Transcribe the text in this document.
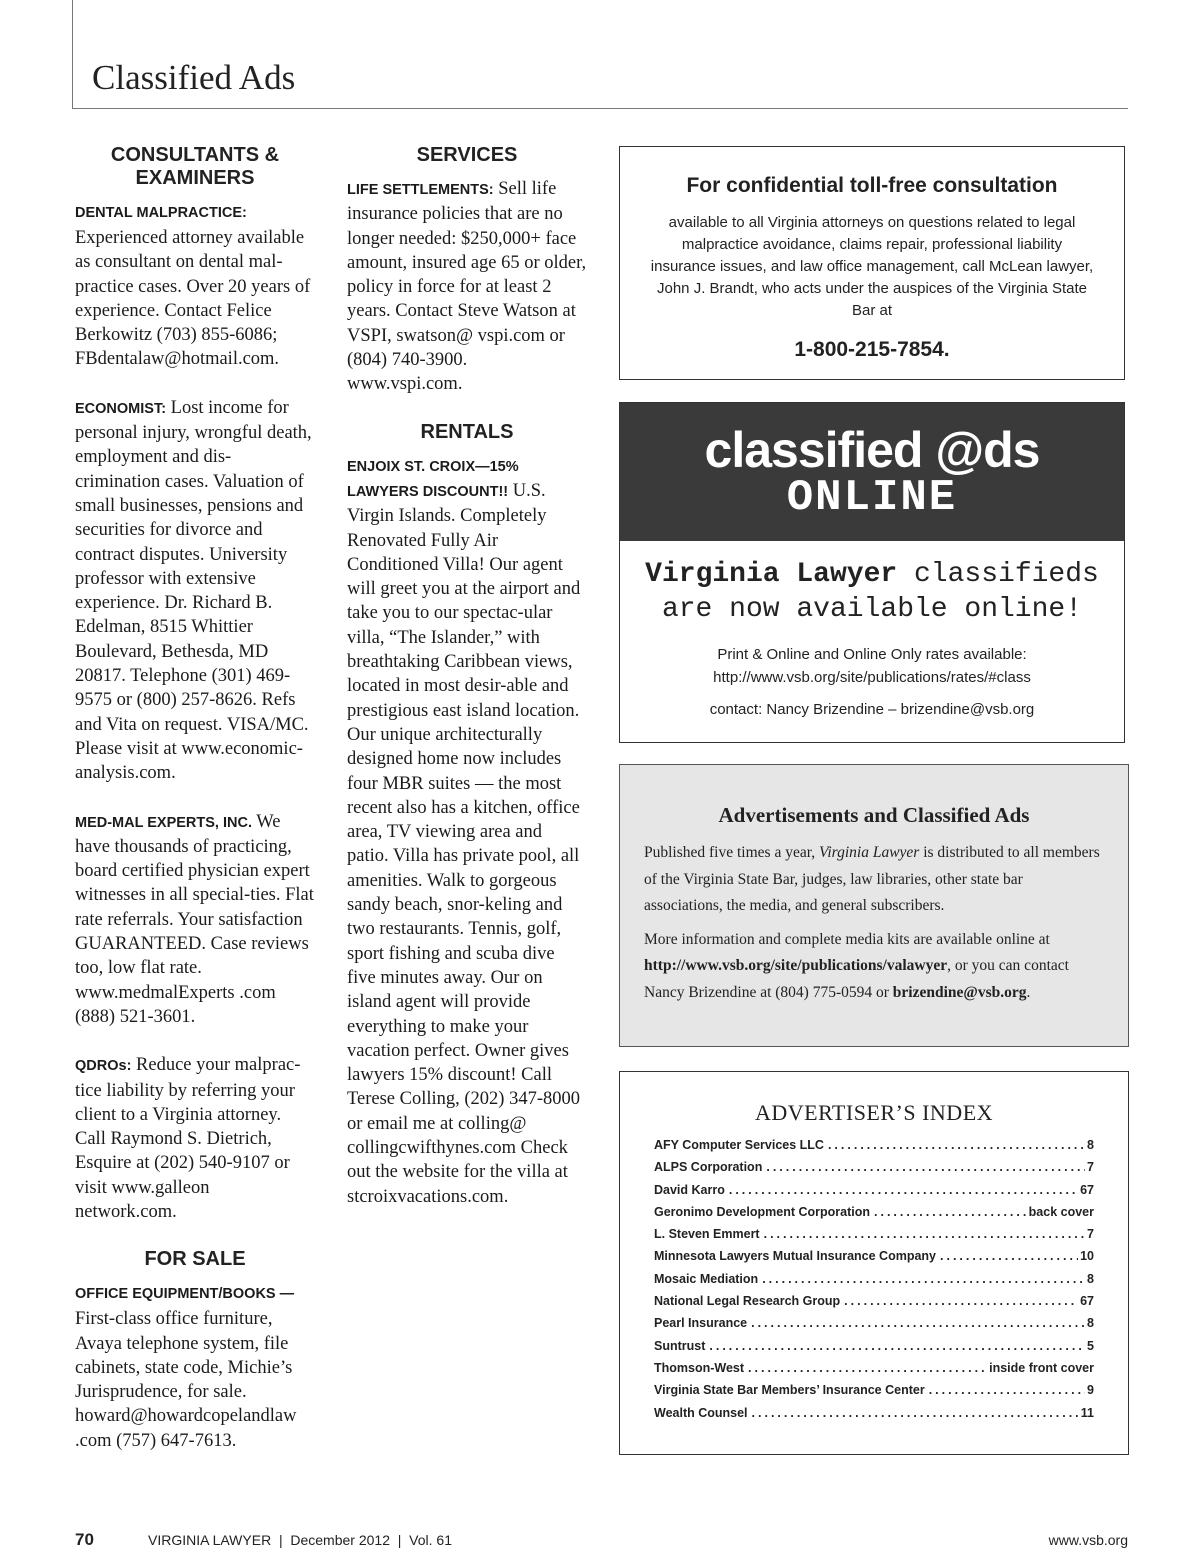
Classified Ads
CONSULTANTS & EXAMINERS
DENTAL MALPRACTICE:
Experienced attorney available as consultant on dental mal-practice cases. Over 20 years of experience. Contact Felice Berkowitz (703) 855-6086; FBdentalaw@hotmail.com.
ECONOMIST: Lost income for personal injury, wrongful death, employment and dis-crimination cases. Valuation of small businesses, pensions and securities for divorce and contract disputes. University professor with extensive experience. Dr. Richard B. Edelman, 8515 Whittier Boulevard, Bethesda, MD 20817. Telephone (301) 469-9575 or (800) 257-8626. Refs and Vita on request. VISA/MC. Please visit at www.economic-analysis.com.
MED-MAL EXPERTS, INC. We have thousands of practicing, board certified physician expert witnesses in all special-ties. Flat rate referrals. Your satisfaction GUARANTEED. Case reviews too, low flat rate. www.medmalExperts .com (888) 521-3601.
QDROs: Reduce your malprac-tice liability by referring your client to a Virginia attorney. Call Raymond S. Dietrich, Esquire at (202) 540-9107 or visit www.galleon network.com.
FOR SALE
OFFICE EQUIPMENT/BOOKS —
First-class office furniture, Avaya telephone system, file cabinets, state code, Michie’s Jurisprudence, for sale. howard@howardcopelandlaw .com (757) 647-7613.
SERVICES
LIFE SETTLEMENTS: Sell life insurance policies that are no longer needed: $250,000+ face amount, insured age 65 or older, policy in force for at least 2 years. Contact Steve Watson at VSPI, swatson@ vspi.com or (804) 740-3900. www.vspi.com.
RENTALS
ENJOIX ST. CROIX—15% LAWYERS DISCOUNT!! U.S. Virgin Islands. Completely Renovated Fully Air Conditioned Villa! Our agent will greet you at the airport and take you to our spectac-ular villa, “The Islander,” with breathtaking Caribbean views, located in most desir-able and prestigious east island location. Our unique architecturally designed home now includes four MBR suites — the most recent also has a kitchen, office area, TV viewing area and patio. Villa has private pool, all amenities. Walk to gorgeous sandy beach, snor-keling and two restaurants. Tennis, golf, sport fishing and scuba dive five minutes away. Our on island agent will provide everything to make your vacation perfect. Owner gives lawyers 15% discount! Call Terese Colling, (202) 347-8000 or email me at colling@ collingcwifthynes.com Check out the website for the villa at stcroixvacations.com.
For confidential toll-free consultation
available to all Virginia attorneys on questions related to legal malpractice avoidance, claims repair, professional liability insurance issues, and law office management, call McLean lawyer, John J. Brandt, who acts under the auspices of the Virginia State Bar at
1-800-215-7854.
classified @ds
ONLINE
Virginia Lawyer classifieds
are now available online!
Print & Online and Online Only rates available:
http://www.vsb.org/site/publications/rates/#class
contact: Nancy Brizendine – brizendine@vsb.org
Advertisements and Classified Ads

Published five times a year, Virginia Lawyer is distributed to all members of the Virginia State Bar, judges, law libraries, other state bar associations, the media, and general subscribers.

More information and complete media kits are available online at http://www.vsb.org/site/publications/valawyer, or you can contact Nancy Brizendine at (804) 775-0594 or brizendine@vsb.org.

ADVERTISER’S INDEX
AFY Computer Services LLC .....	8
ALPS Corporation .....	7
David Karro .....	67
Geronimo Development Corporation .....	back cover
L. Steven Emmert .....	7
Minnesota Lawyers Mutual Insurance Company .....	10
Mosaic Mediation .....	8
National Legal Research Group .....	67
Pearl Insurance .....	8
Suntrust .....	5
Thomson-West .....	inside front cover
Virginia State Bar Members’ Insurance Center .....	9
Wealth Counsel .....	11
70	VIRGINIA LAWYER  |  December 2012  |  Vol. 61	www.vsb.org
